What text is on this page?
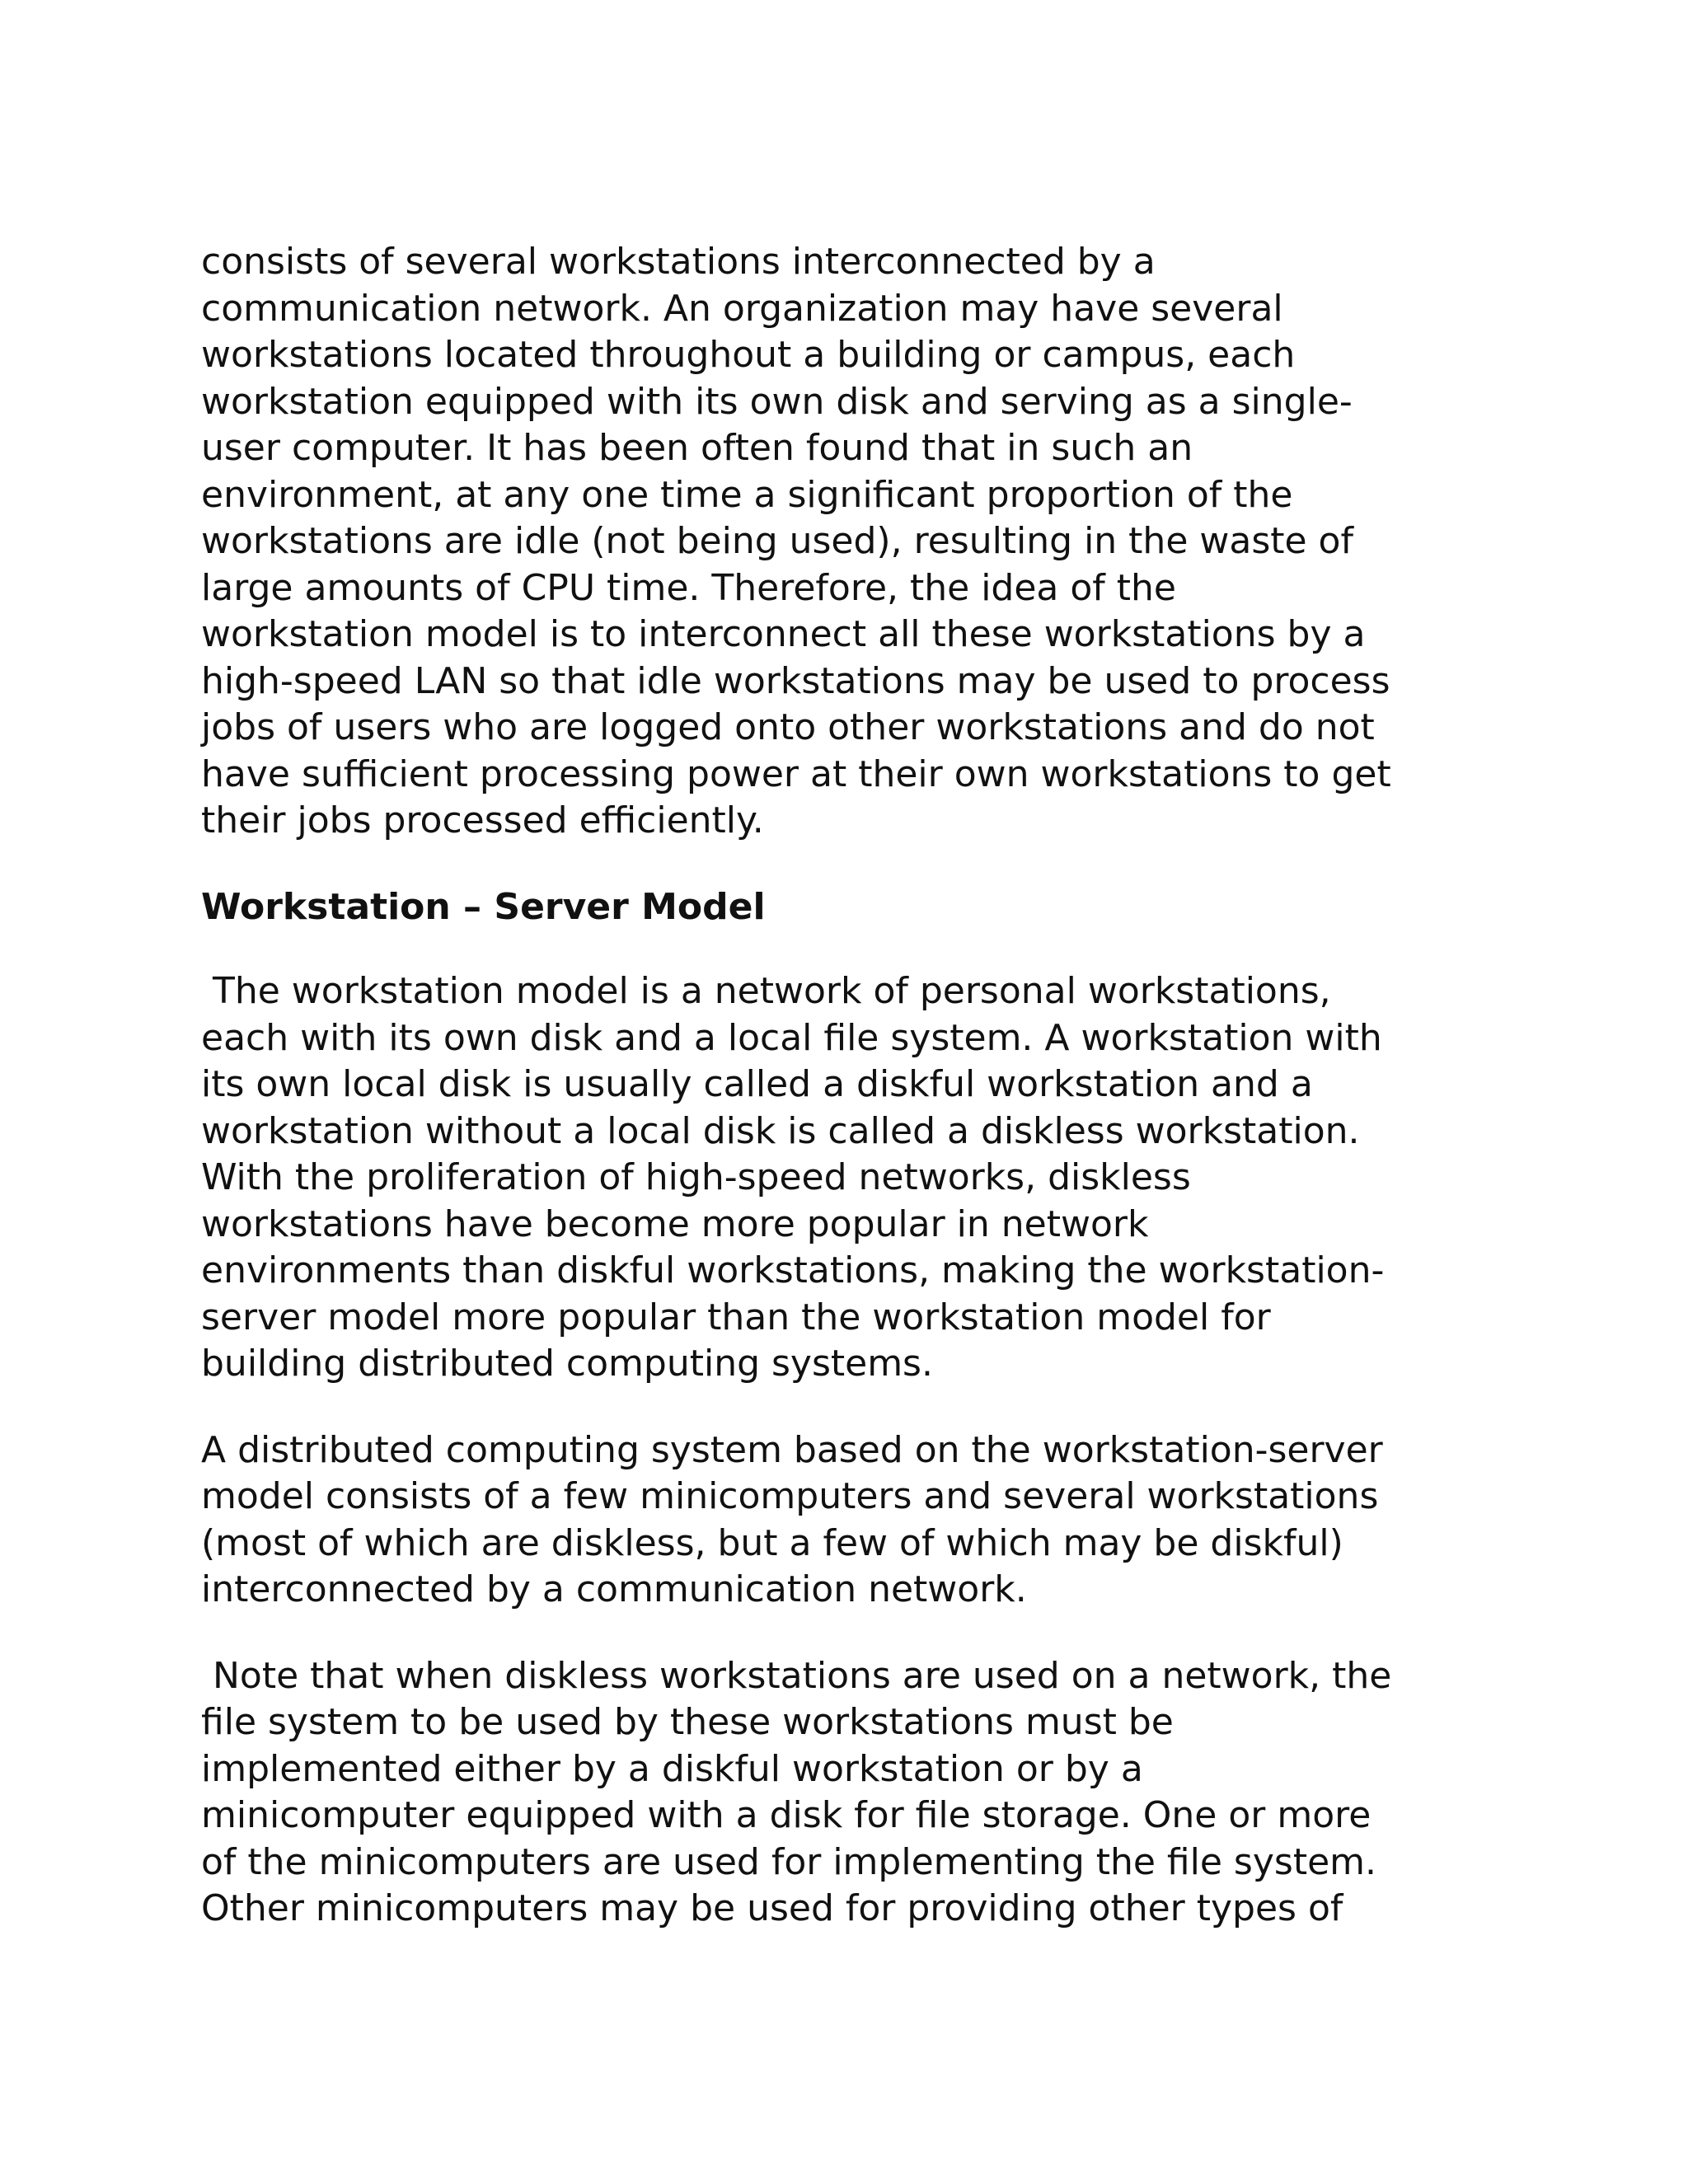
consists of several workstations interconnected by a
communication network. An organization may have several
workstations located throughout a building or campus, each
workstation equipped with its own disk and serving as a single-
user computer. It has been often found that in such an
environment, at any one time a significant proportion of the
workstations are idle (not being used), resulting in the waste of
large amounts of CPU time. Therefore, the idea of the
workstation model is to interconnect all these workstations by a
high-speed LAN so that idle workstations may be used to process
jobs of users who are logged onto other workstations and do not
have sufficient processing power at their own workstations to get
their jobs processed efficiently.
Workstation – Server Model
The workstation model is a network of personal workstations,
each with its own disk and a local file system. A workstation with
its own local disk is usually called a diskful workstation and a
workstation without a local disk is called a diskless workstation.
With the proliferation of high-speed networks, diskless
workstations have become more popular in network
environments than diskful workstations, making the workstation-
server model more popular than the workstation model for
building distributed computing systems.
A distributed computing system based on the workstation-server
model consists of a few minicomputers and several workstations
(most of which are diskless, but a few of which may be diskful)
interconnected by a communication network.
Note that when diskless workstations are used on a network, the
file system to be used by these workstations must be
implemented either by a diskful workstation or by a
minicomputer equipped with a disk for file storage. One or more
of the minicomputers are used for implementing the file system.
Other minicomputers may be used for providing other types of
